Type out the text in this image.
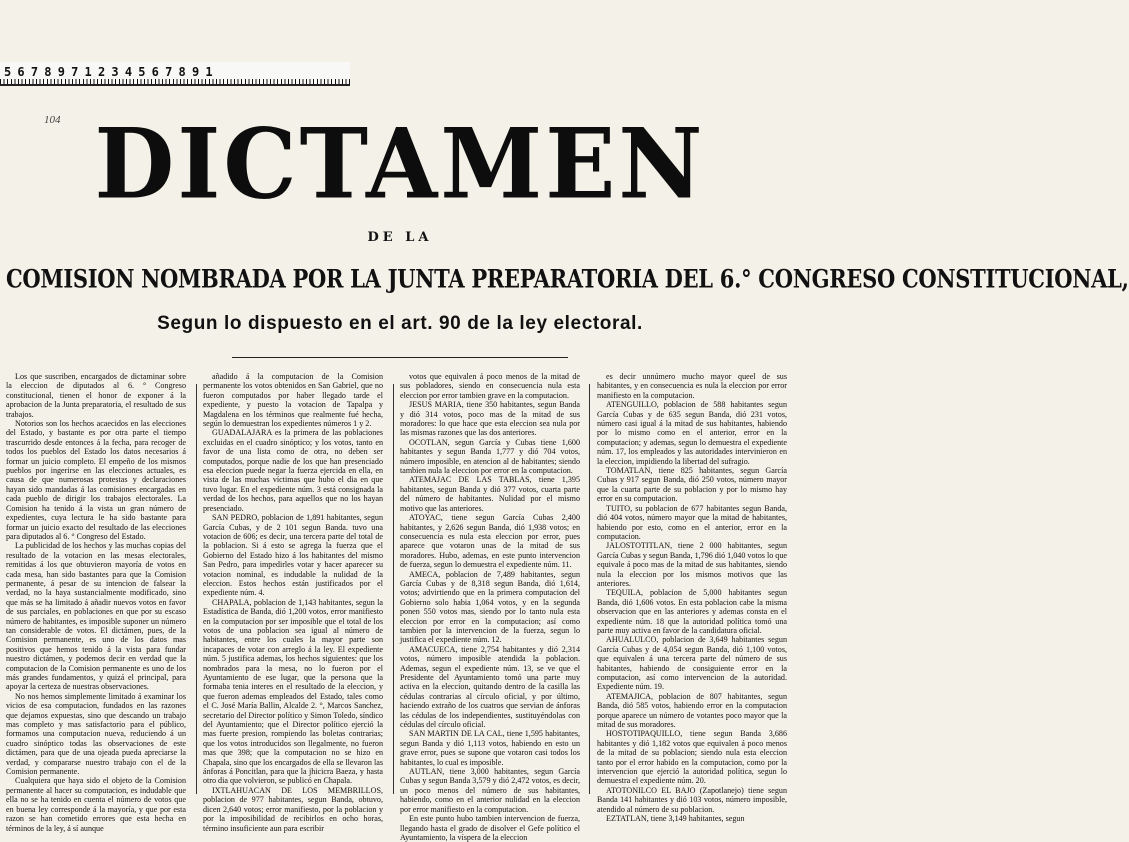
5678971234567891
104 DICTAMEN
DE LA
COMISION NOMBRADA POR LA JUNTA PREPARATORIA DEL 6.° CONGRESO CONSTITUCIONAL,
Segun lo dispuesto en el art. 90 de la ley electoral.

Los que suscriben, encargados de dictaminar sobre la eleccion de diputados al 6. ° Congreso constitucional, tienen el honor de exponer á la aprobacion de la Junta preparatoria, el resultado de sus trabajos.

Notorios son los hechos acaecidos en las elecciones del Estado, y bastante es por otra parte el tiempo trascurrido desde entonces á la fecha, para recoger de todos los pueblos del Estado los datos necesarios á formar un juicio completo. El empeño de los mismos pueblos por ingerirse en las elecciones actuales, es causa de que numerosas protestas y declaraciones hayan sido mandadas á las comisiones encargadas en cada pueblo de dirigir los trabajos electorales. La Comision ha tenido á la vista un gran número de expedientes, cuya lectura le ha sido bastante para formar un juicio exacto del resultado de las elecciones para diputados al 6. ° Congreso del Estado.

La publicidad de los hechos y las muchas copias del resultado de la votacion en las mesas electorales, remitidas á los que obtuvieron mayoría de votos en cada mesa, han sido bastantes para que la Comision permanente, á pesar de su intencion de falsear la verdad, no la haya sustancialmente modificado, sino que más se ha limitado á añadir nuevos votos en favor de sus parciales, en poblaciones en que por su escaso número de habitantes, es imposible suponer un número tan considerable de votos. El dictámen, pues, de la Comision permanente, es uno de los datos mas positivos que hemos tenido á la vista para fundar nuestro dictámen, y podemos decir en verdad que la computacion de la Comision permanente es uno de los más grandes fundamentos, y quizá el principal, para apoyar la certeza de nuestras observaciones.

No nos hemos simplemente limitado á examinar los vicios de esa computacion, fundados en las razones que dejamos expuestas, sino que descando un trabajo mas completo y mas satisfactorio para el público, formamos una computacion nueva, reduciendo á un cuadro sinóptico todas las observaciones de este dictámen, para que de una ojeada pueda apreciarse la verdad, y compararse nuestro trabajo con el de la Comision permanente.

Cualquiera que haya sido el objeto de la Comision permanente al hacer su computacion, es indudable que ella no se ha tenido en cuenta el número de votos que en buena ley corresponde á la mayoría, y que por esta razon se han cometido errores que esta hecha en términos de la ley, á sí aunque

añadido á la computacion de la Comision permanente los votos obtenidos en San Gabriel, que no fueron computados por haber llegado tarde el expediente, y puesto la votacion de Tapalpa y Magdalena en los términos que realmente fué hecha, según lo demuestran los expedientes números 1 y 2.

GUADALAJARA es la primera de las poblaciones excluidas en el cuadro sinóptico; y los votos, tanto en favor de una lista como de otra, no deben ser computados, porque nadie de los que han presenciado esa eleccion puede negar la fuerza ejercida en ella, en vista de las muchas víctimas que hubo el dia en que tuvo lugar. En el expediente núm. 3 está consignada la verdad de los hechos, para aquellos que no los hayan presenciado.

SAN PEDRO, poblacion de 1,891 habitantes, segun García Cubas, y de 2 101 segun Banda. tuvo una votacion de 606; es decir, una tercera parte del total de la poblacion. Si á esto se agrega la fuerza que el Gobierno del Estado hizo á los habitantes del mismo San Pedro, para impedirles votar y hacer aparecer su votacion nominal, es indudable la nulidad de la eleccion. Estos hechos están justificados por el expediente núm. 4.

CHAPALA, poblacion de 1,143 habitantes, segun la Estadística de Banda, dió 1,200 votos, error manifiesto en la computacion por ser imposible que el total de los votos de una poblacion sea igual al número de habitantes, entre los cuales la mayor parte son incapaces de votar con arreglo á la ley. El expediente núm. 5 justifica ademas, los hechos siguientes: que los nombrados para la mesa, no lo fueron por el Ayuntamiento de ese lugar, que la persona que la formaba tenia interes en el resultado de la eleccion, y que fueron ademas empleados del Estado, tales como el C. José María Ballin, Alcalde 2. °, Marcos Sanchez, secretario del Director político y Simon Toledo, síndico del Ayuntamiento; que el Director político ejerció la mas fuerte presion, rompiendo las boletas contrarias; que los votos introducidos son llegalmente, no fueron mas que 398; que la computacion no se hizo en Chapala, sino que los encargados de ella se llevaron las ánforas á Poncitlan, para que la jhicicra Baeza, y hasta otro dia que volvieron, se publicó en Chapala.

IXTLAHUACAN DE LOS MEMBRILLOS, poblacion de 977 habitantes, segun Banda, obtuvo, dicen 2,640 votos; error manifiesto, por la poblacion y por la imposibilidad de recibirlos en ocho horas, término insuficiente aun para escribir

votos que equivalen á poco menos de la mitad de sus pobladores, siendo en consecuencia nula esta eleccion por error tambien grave en la computacion.

JESUS MARIA, tiene 350 habitantes, segun Banda y dió 314 votos, poco mas de la mitad de sus moradores: lo que hace que esta eleccion sea nula por las mismas razones que las dos anteriores.

OCOTLAN, segun García y Cubas tiene 1,600 habitantes y segun Banda 1,777 y dió 704 votos, número imposible, en atencion al de habitantes; siendo tambien nula la eleccion por error en la computacion.

ATEMAJAC DE LAS TABLAS, tiene 1,395 habitantes, segun Banda y dió 377 votos, cuarta parte del número de habitantes. Nulidad por el mismo motivo que las anteriores.

ATOYAC, tiene segun García Cubas 2,400 habitantes, y 2,626 segun Banda, dió 1,938 votos; en consecuencia es nula esta eleccion por error, pues aparece que votaron unas de la mitad de sus moradores. Hubo, ademas, en este punto intervencion de fuerza, segun lo demuestra el expediente núm. 11.

AMECA, poblacion de 7,489 habitantes, segun García Cubas y de 8,318 segun Banda, dió 1,614, votos; advirtiendo que en la primera computacion del Gobierno solo habia 1,064 votos, y en la segunda ponen 550 votos mas, siendo por lo tanto nula esta eleccion por error en la computacion; así como tambien por la intervencion de la fuerza, segun lo justifica el expediente núm. 12.

AMACUECA, tiene 2,754 habitantes y dió 2,314 votos, número imposible atendida la poblacion. Ademas, segun el expediente núm. 13, se ve que el Presidente del Ayuntamiento tomó una parte muy activa en la eleccion, quitando dentro de la casilla las cédulas contrarias al círculo oficial, y por último, haciendo extraño de los cuatros que servian de ánforas las cédulas de los independientes, sustituyéndolas con cédulas del círculo oficial.

SAN MARTIN DE LA CAL, tiene 1,595 habitantes, segun Banda y dió 1,113 votos, habiendo en esto un grave error, pues se supone que votaron casi todos los habitantes, lo cual es imposible.

AUTLAN, tiene 3,000 habitantes, segun García Cubas y segun Banda 3,579 y dió 2,472 votos, es decir, un poco menos del número de sus habitantes, habiendo, como en el anterior nulidad en la eleccion por error manifiesto en la computacion.

En este punto hubo tambien intervencion de fuerza, llegando hasta el grado de disolver el Gefe político el Ayuntamiento, la víspera de la eleccion

es decir unnúmero mucho mayor queel de sus habitantes, y en consecuencia es nula la eleccion por error manifiesto en la computacion.

ATENGUILLO, poblacion de 588 habitantes segun García Cubas y de 635 segun Banda, dió 231 votos, número casi igual á la mitad de sus habitantes, habiendo por lo mismo como en el anterior, error en la computacion; y ademas, segun lo demuestra el expediente núm. 17, los empleados y las autoridades intervinieron en la eleccion, impidiendo la libertad del sufragio.

TOMATLAN, tiene 825 habitantes, segun García Cubas y 917 segun Banda, dió 250 votos, número mayor que la cuarta parte de su poblacion y por lo mismo hay error en su computacion.

TUITO, su poblacion de 677 habitantes segun Banda, dió 404 votos, número mayor que la mitad de habitantes, habiendo por esto, como en el anterior, error en la computacion.

JALOSTOTITLAN, tiene 2 000 habitantes, segun García Cubas y segun Banda, 1,796 dió 1,040 votos lo que equivale á poco mas de la mitad de sus habitantes, siendo nula la eleccion por los mismos motivos que las anteriores.

TEQUILA, poblacion de 5,000 habitantes segun Banda, dió 1,606 votos. En esta poblacion cabe la misma observacion que en las anteriores y ademas consta en el expediente núm. 18 que la autoridad política tomó una parte muy activa en favor de la candidatura oficial.

AHUALULCO, poblacion de 3,649 habitantes segun García Cubas y de 4,054 segun Banda, dió 1,100 votos, que equivalen á una tercera parte del número de sus habitantes, habiendo de consiguiente error en la computacion, así como intervencion de la autoridad. Expediente núm. 19.

ATEMAJICA, poblacion de 807 habitantes, segun Banda, dió 585 votos, habiendo error en la computacion porque aparece un número de votantes poco mayor que la mitad de sus moradores.

HOSTOTIPAQUILLO, tiene segun Banda 3,686 habitantes y dió 1,182 votos que equivalen á poco menos de la mitad de su poblacion; siendo nula esta eleccion tanto por el error habido en la computacion, como por la intervencion que ejerció la autoridad política, segun lo demuestra el expediente núm. 20.

ATOTONILCO EL BAJO (Zapotlanejo) tiene segun Banda 141 habitantes y dió 103 votos, número imposible, atendido al número de su poblacion.

EZTATLAN, tiene 3,149 habitantes, segun
